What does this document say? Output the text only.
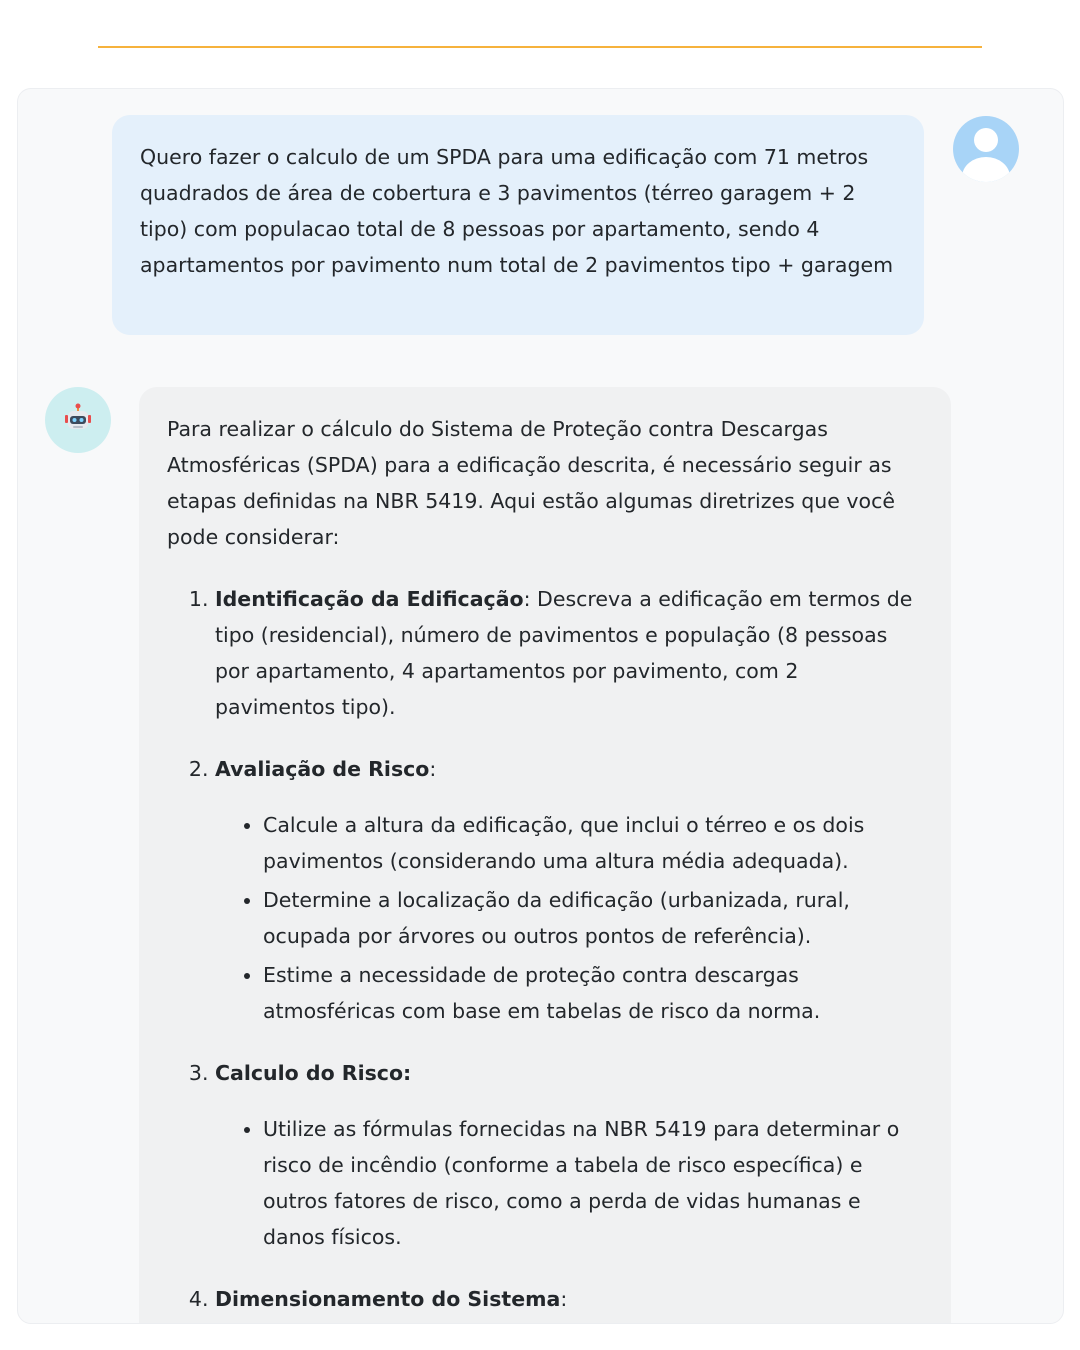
Quero fazer o calculo de um SPDA para uma edificação com 71 metros quadrados de área de cobertura e 3 pavimentos (térreo garagem + 2 tipo) com populacao total de 8 pessoas por apartamento, sendo 4 apartamentos por pavimento num total de 2 pavimentos tipo + garagem

Para realizar o cálculo do Sistema de Proteção contra Descargas Atmosféricas (SPDA) para a edificação descrita, é necessário seguir as etapas definidas na NBR 5419. Aqui estão algumas diretrizes que você pode considerar:

1. Identificação da Edificação: Descreva a edificação em termos de tipo (residencial), número de pavimentos e população (8 pessoas por apartamento, 4 apartamentos por pavimento, com 2 pavimentos tipo).
2. Avaliação de Risco:
• Calcule a altura da edificação, que inclui o térreo e os dois pavimentos (considerando uma altura média adequada).
• Determine a localização da edificação (urbanizada, rural, ocupada por árvores ou outros pontos de referência).
• Estime a necessidade de proteção contra descargas atmosféricas com base em tabelas de risco da norma.
3. Calculo do Risco:
• Utilize as fórmulas fornecidas na NBR 5419 para determinar o risco de incêndio (conforme a tabela de risco específica) e outros fatores de risco, como a perda de vidas humanas e danos físicos.
4. Dimensionamento do Sistema:
